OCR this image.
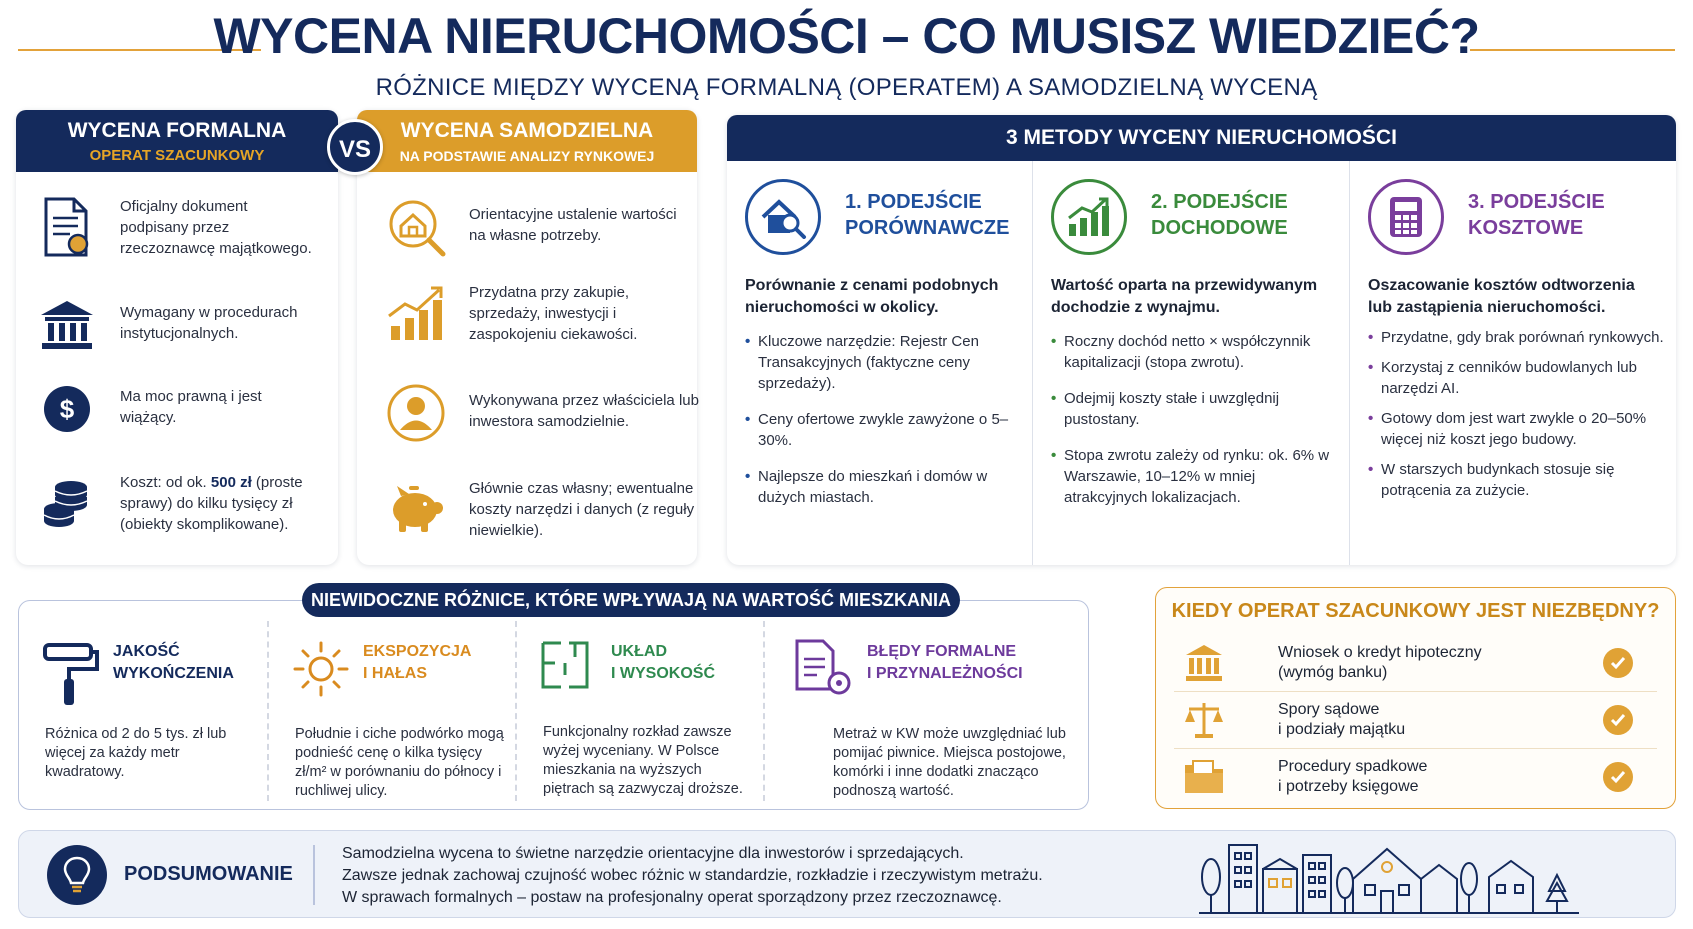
WYCENA NIERUCHOMOŚCI – CO MUSISZ WIEDZIEĆ?
RÓŻNICE MIĘDZY WYCENĄ FORMALNĄ (OPERATEM) A SAMODZIELNĄ WYCENĄ
WYCENA FORMALNA
OPERAT SZACUNKOWY
Oficjalny dokument podpisany przez rzeczoznawcę majątkowego.
Wymagany w procedurach instytucjonalnych.
$	Ma moc prawną i jest wiążący.
Koszt: od ok. 500 zł (proste sprawy) do kilku tysięcy zł (obiekty skomplikowane).
WYCENA SAMODZIELNA
NA PODSTAWIE ANALIZY RYNKOWEJ
Orientacyjne ustalenie wartości na własne potrzeby.
Przydatna przy zakupie, sprzedaży, inwestycji i zaspokojeniu ciekawości.
Wykonywana przez właściciela lub inwestora samodzielnie.
Głównie czas własny; ewentualne koszty narzędzi i danych (z reguły niewielkie).
VS	3 METODY WYCENY NIERUCHOMOŚCI
1. PODEJŚCIE
PORÓWNAWCZE
Porównanie z cenami podobnych nieruchomości w okolicy.
• Kluczowe narzędzie: Rejestr Cen Transakcyjnych (faktyczne ceny sprzedaży).
• Ceny ofertowe zwykle zawyżone o 5–30%.
• Najlepsze do mieszkań i domów w dużych miastach.
2. PODEJŚCIE
DOCHODOWE
Wartość oparta na przewidywanym dochodzie z wynajmu.
• Roczny dochód netto × współczynnik kapitalizacji (stopa zwrotu).
• Odejmij koszty stałe i uwzględnij pustostany.
• Stopa zwrotu zależy od rynku: ok. 6% w Warszawie, 10–12% w mniej atrakcyjnych lokalizacjach.
3. PODEJŚCIE
KOSZTOWE
Oszacowanie kosztów odtworzenia lub zastąpienia nieruchomości.
• Przydatne, gdy brak porównań rynkowych.
• Korzystaj z cenników budowlanych lub narzędzi AI.
• Gotowy dom jest wart zwykle o 20–50% więcej niż koszt jego budowy.
• W starszych budynkach stosuje się potrącenia za zużycie.
NIEWIDOCZNE RÓŻNICE, KTÓRE WPŁYWAJĄ NA WARTOŚĆ MIESZKANIA
JAKOŚĆ
WYKOŃCZENIA
Różnica od 2 do 5 tys. zł lub więcej za każdy metr kwadratowy.
EKSPOZYCJA
I HAŁAS
Południe i ciche podwórko mogą podnieść cenę o kilka tysięcy zł/m² w porównaniu do północy i ruchliwej ulicy.
UKŁAD
I WYSOKOŚĆ
Funkcjonalny rozkład zawsze wyżej wyceniany. W Polsce mieszkania na wyższych piętrach są zazwyczaj droższe.
BŁĘDY FORMALNE
I PRZYNALEŻNOŚCI
Metraż w KW może uwzględniać lub pomijać piwnice. Miejsca postojowe, komórki i inne dodatki znacząco podnoszą wartość.
KIEDY OPERAT SZACUNKOWY JEST NIEZBĘDNY?
Wniosek o kredyt hipoteczny
(wymóg banku)
Spory sądowe
i podziały majątku
Procedury spadkowe
i potrzeby księgowe
PODSUMOWANIE
Samodzielna wycena to świetne narzędzie orientacyjne dla inwestorów i sprzedających.
Zawsze jednak zachowaj czujność wobec różnic w standardzie, rozkładzie i rzeczywistym metrażu.
W sprawach formalnych – postaw na profesjonalny operat sporządzony przez rzeczoznawcę.
